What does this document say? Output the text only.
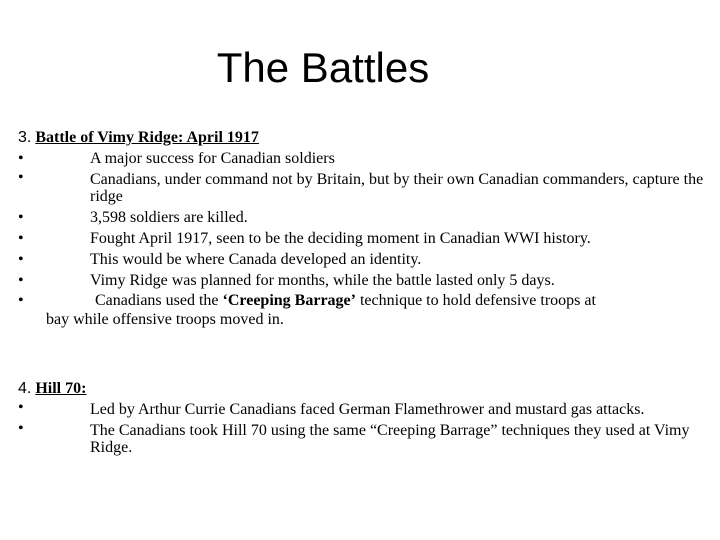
The Battles
3. Battle of Vimy Ridge: April 1917
•	A major success for Canadian soldiers
•	Canadians, under command not by Britain, but by their own Canadian commanders, capture the ridge
•	3,598 soldiers are killed.
•	Fought April 1917, seen to be the deciding moment in Canadian WWI history.
•	This would be where Canada developed an identity.
•	Vimy Ridge was planned for months, while the battle lasted only 5 days.
•	Canadians used the ‘Creeping Barrage’ technique to hold defensive troops at
bay while offensive troops moved in.
4. Hill 70:
•	Led by Arthur Currie Canadians faced German Flamethrower and mustard gas attacks.
•	The Canadians took Hill 70 using the same “Creeping Barrage” techniques they used at Vimy Ridge.
